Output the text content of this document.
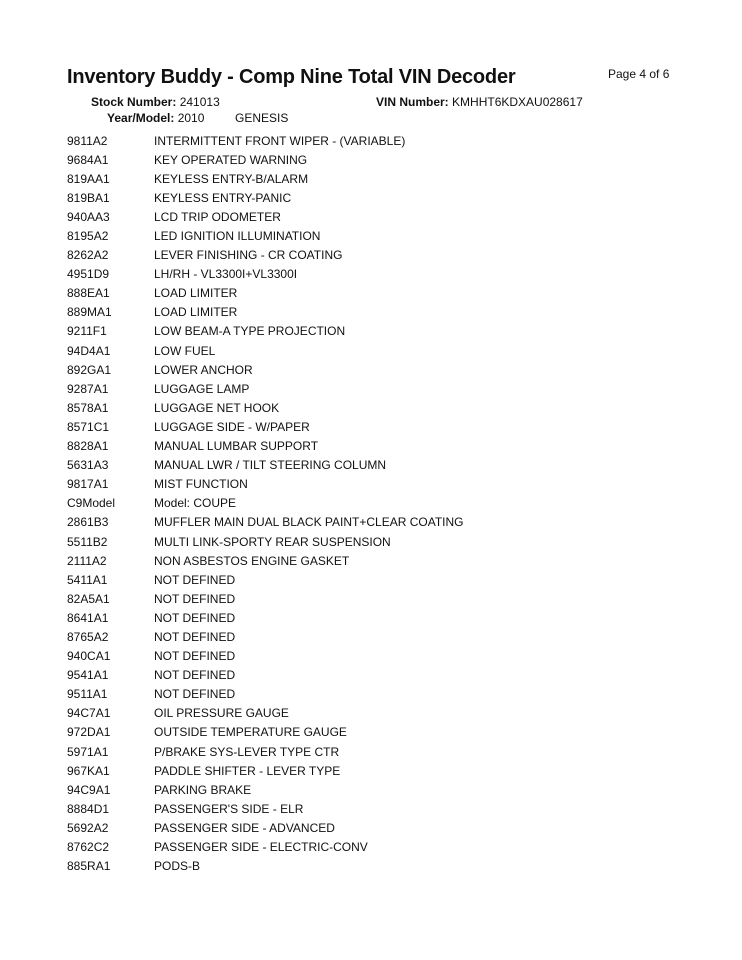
Inventory Buddy - Comp Nine Total VIN Decoder	Page 4 of 6
Stock Number: 241013	VIN Number: KMHHT6KDXAU028617
Year/Model: 2010	GENESIS
9811A2	INTERMITTENT FRONT WIPER - (VARIABLE)
9684A1	KEY OPERATED WARNING
819AA1	KEYLESS ENTRY-B/ALARM
819BA1	KEYLESS ENTRY-PANIC
940AA3	LCD TRIP ODOMETER
8195A2	LED IGNITION ILLUMINATION
8262A2	LEVER FINISHING - CR COATING
4951D9	LH/RH - VL3300I+VL3300I
888EA1	LOAD LIMITER
889MA1	LOAD LIMITER
9211F1	LOW BEAM-A TYPE PROJECTION
94D4A1	LOW FUEL
892GA1	LOWER ANCHOR
9287A1	LUGGAGE LAMP
8578A1	LUGGAGE NET HOOK
8571C1	LUGGAGE SIDE - W/PAPER
8828A1	MANUAL LUMBAR SUPPORT
5631A3	MANUAL LWR / TILT STEERING COLUMN
9817A1	MIST FUNCTION
C9Model	Model: COUPE
2861B3	MUFFLER MAIN DUAL BLACK PAINT+CLEAR COATING
5511B2	MULTI LINK-SPORTY REAR SUSPENSION
2111A2	NON ASBESTOS ENGINE GASKET
5411A1	NOT DEFINED
82A5A1	NOT DEFINED
8641A1	NOT DEFINED
8765A2	NOT DEFINED
940CA1	NOT DEFINED
9541A1	NOT DEFINED
9511A1	NOT DEFINED
94C7A1	OIL PRESSURE GAUGE
972DA1	OUTSIDE TEMPERATURE GAUGE
5971A1	P/BRAKE SYS-LEVER TYPE CTR
967KA1	PADDLE SHIFTER - LEVER TYPE
94C9A1	PARKING BRAKE
8884D1	PASSENGER'S SIDE - ELR
5692A2	PASSENGER SIDE - ADVANCED
8762C2	PASSENGER SIDE - ELECTRIC-CONV
885RA1	PODS-B
